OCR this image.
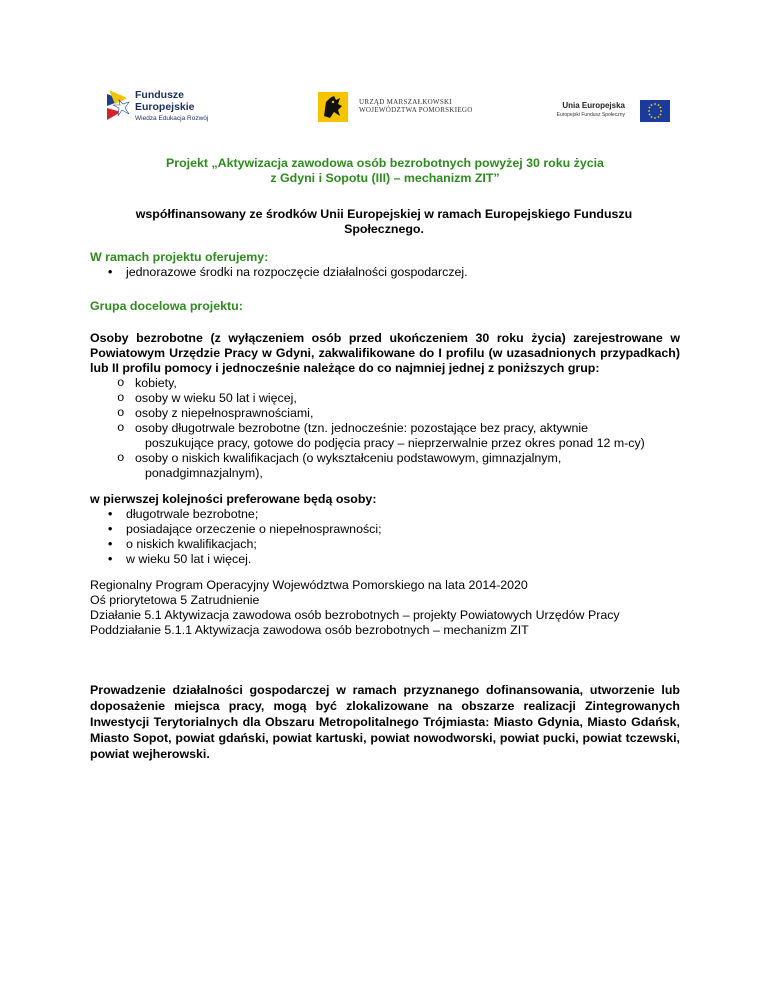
Fundusze
Europejskie
Wiedza Edukacja Rozwój
URZĄD MARSZAŁKOWSKI
WOJEWÓDZTWA POMORSKIEGO	Unia Europejska
Europejski Fundusz Społeczny
Projekt „Aktywizacja zawodowa osób bezrobotnych powyżej 30 roku życia
z Gdyni i Sopotu (III) – mechanizm ZIT”
współfinansowany ze środków Unii Europejskiej w ramach Europejskiego Funduszu Społecznego.
W ramach projektu oferujemy:
• jednorazowe środki na rozpoczęcie działalności gospodarczej.
Grupa docelowa projektu:
Osoby bezrobotne (z wyłączeniem osób przed ukończeniem 30 roku życia) zarejestrowane w Powiatowym Urzędzie Pracy w Gdyni, zakwalifikowane do I profilu (w uzasadnionych przypadkach) lub II profilu pomocy i jednocześnie należące do co najmniej jednej z poniższych grup:
o kobiety,
o osoby w wieku 50 lat i więcej,
o osoby z niepełnosprawnościami,
o osoby długotrwale bezrobotne (tzn. jednocześnie: pozostające bez pracy, aktywnie
poszukujące pracy, gotowe do podjęcia pracy – nieprzerwalnie przez okres ponad 12 m-cy)
o osoby o niskich kwalifikacjach (o wykształceniu podstawowym, gimnazjalnym,
ponadgimnazjalnym),
w pierwszej kolejności preferowane będą osoby:
• długotrwale bezrobotne;
• posiadające orzeczenie o niepełnosprawności;
• o niskich kwalifikacjach;
• w wieku 50 lat i więcej.
Regionalny Program Operacyjny Województwa Pomorskiego na lata 2014-2020
Oś priorytetowa 5 Zatrudnienie
Działanie 5.1 Aktywizacja zawodowa osób bezrobotnych – projekty Powiatowych Urzędów Pracy
Poddziałanie 5.1.1 Aktywizacja zawodowa osób bezrobotnych – mechanizm ZIT
Prowadzenie działalności gospodarczej w ramach przyznanego dofinansowania, utworzenie lub doposażenie miejsca pracy, mogą być zlokalizowane na obszarze realizacji Zintegrowanych Inwestycji Terytorialnych dla Obszaru Metropolitalnego Trójmiasta: Miasto Gdynia, Miasto Gdańsk, Miasto Sopot, powiat gdański, powiat kartuski, powiat nowodworski, powiat pucki, powiat tczewski, powiat wejherowski.
